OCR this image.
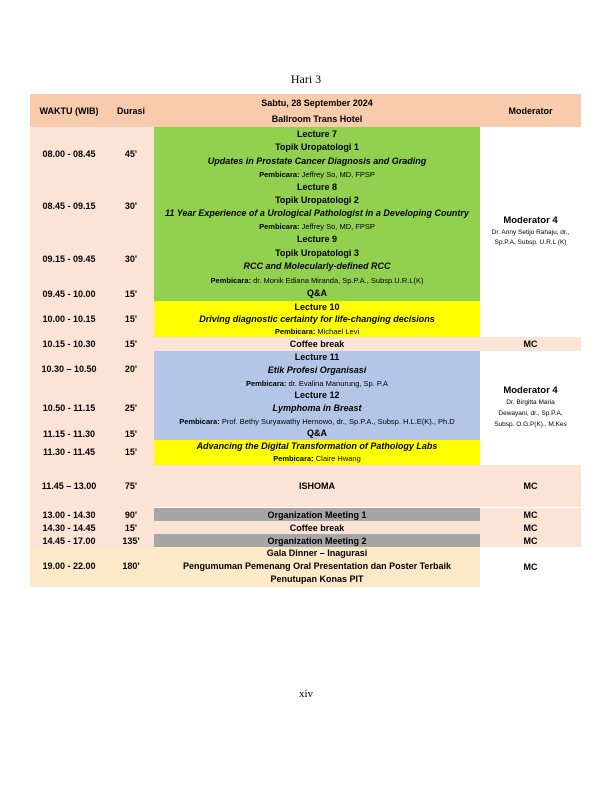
Hari 3
WAKTU (WIB)	Durasi
Sabtu, 28 September 2024
Ballroom Trans Hotel
Moderator
08.00 - 08.45
08.45 - 09.15
09.15 - 09.45
09.45 - 10.00
10.00 - 10.15
10.15 - 10.30
10.30 – 10.50
10.50 - 11.15
11.15 - 11.30
11.30 - 11.45
11.45 – 13.00
13.00 - 14.30
14.30 - 14.45
14.45 - 17.00
19.00 - 22.00
45'
30'
30'
15'
15'
15'
20'
25'
15'
15'
75'
90'
15'
135'
180'
Lecture 7
Topik Uropatologi 1
Updates in Prostate Cancer Diagnosis and Grading
Pembicara: Jeffrey So, MD, FPSP
Lecture 8
Topik Uropatologi 2
11 Year Experience of a Urological Pathologist in a Developing Country
Pembicara: Jeffrey So, MD, FPSP
Lecture 9
Topik Uropatologi 3
RCC and Molecularly-defined RCC
Pembicara: dr. Monik Ediana Miranda, Sp.P.A., Subsp.U.R.L(K)
Q&A
Lecture 10
Driving diagnostic certainty for life-changing decisions
Pembicara: Michael Levi
Coffee break
Lecture 11
Etik Profesi Organisasi
Pembicara: dr. Evalina Manurung, Sp. P.A
Lecture 12
Lymphoma in Breast
Pembicara: Prof. Bethy Suryawathy Hernowo, dr., Sp.P.A., Subsp. H.L.E(K)., Ph.D
Q&A
Advancing the Digital Transformation of Pathology Labs
Pembicara: Claire Hwang
ISHOMA
Organization Meeting 1
Coffee break
Organization Meeting 2
Gala Dinner – Inagurasi
Pengumuman Pemenang Oral Presentation dan Poster Terbaik
Penutupan Konas PIT
Moderator 4
Dr. Anny Setijo Rahaju, dr.,
Sp.P.A, Subsp. U.R.L (K)
MC
Moderator 4
Dr. Birgitta Maria
Dewayani, dr., Sp.P.A,
Subsp. O.G.P(K)., M.Kes
MC
MC
MC
MC
MC
xiv
